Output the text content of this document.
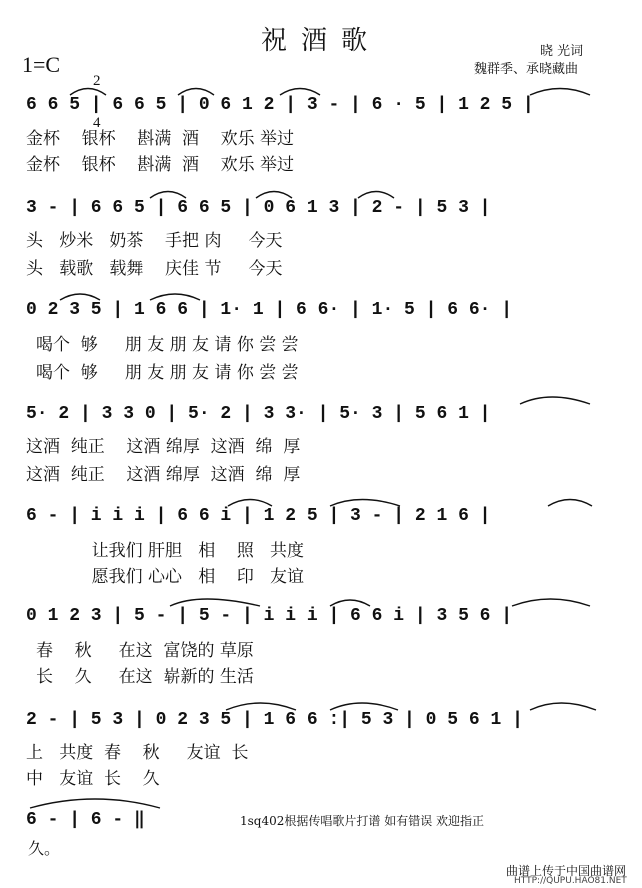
祝酒歌
1=C

2

4

晓 光词
魏群季、承晓藏曲
6 6 5 | 6 6 5 | 0 6 1 2 | 3 - | 6 · 5 | 1 2 5 |
金杯    银杯    斟满  酒    欢乐 举过
金杯    银杯    斟满  酒    欢乐 举过
3 - | 6 6 5 | 6 6 5 | 0 6 1 3 | 2 - | 5 3 |
头   炒米   奶茶    手把 肉     今天
头   载歌   载舞    庆佳 节     今天
0 2 3 5 | 1 6 6 | 1· 1 | 6 6· | 1· 5 | 6 6· |
喝个  够     朋 友 朋 友 请 你 尝 尝
喝个  够     朋 友 朋 友 请 你 尝 尝
5· 2 | 3 3 0 | 5· 2 | 3 3· | 5· 3 | 5 6 1 |
这酒  纯正    这酒 绵厚  这酒  绵  厚
这酒  纯正    这酒 绵厚  这酒  绵  厚
6 - | i i i | 6 6 i | 1 2 5 | 3 - | 2 1 6 |
让我们 肝胆   相    照   共度
愿我们 心心   相    印   友谊
0 1 2 3 | 5 - | 5 - | i i i | 6 6 i | 3 5 6 |
春    秋     在这  富饶的 草原
长    久     在这  崭新的 生活
2 - | 5 3 | 0 2 3 5 | 1 6 6 :| 5 3 | 0 5 6 1 |
上   共度  春    秋     友谊  长
中   友谊  长    久
6 - | 6 - ‖	1sq402根据传唱歌片打谱 如有错误 欢迎指正
久。
曲谱上传于中国曲谱网
HTTP://QUPU.HAO81.NET
